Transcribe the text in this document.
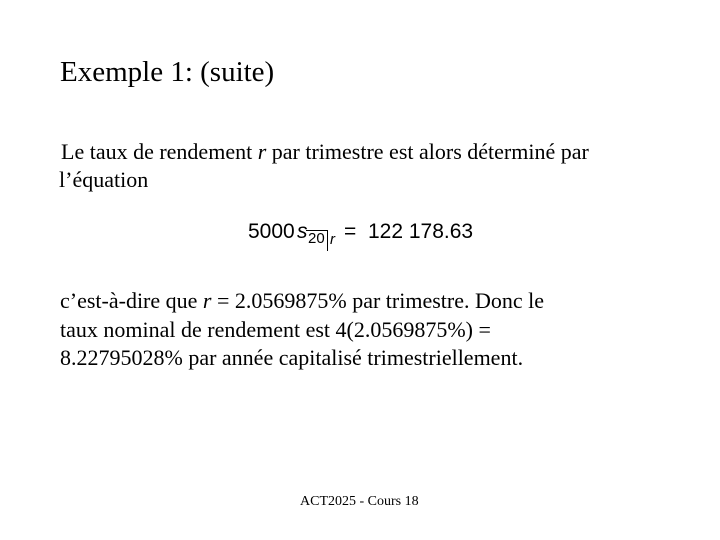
Exemple 1: (suite)
Le taux de rendement r par trimestre est alors déterminé par
l’équation
5000 s 20 r = 122 178.63
c’est-à-dire que r = 2.0569875% par trimestre. Donc le
taux nominal de rendement est 4(2.0569875%) =
8.22795028% par année capitalisé trimestriellement.
ACT2025 - Cours 18
